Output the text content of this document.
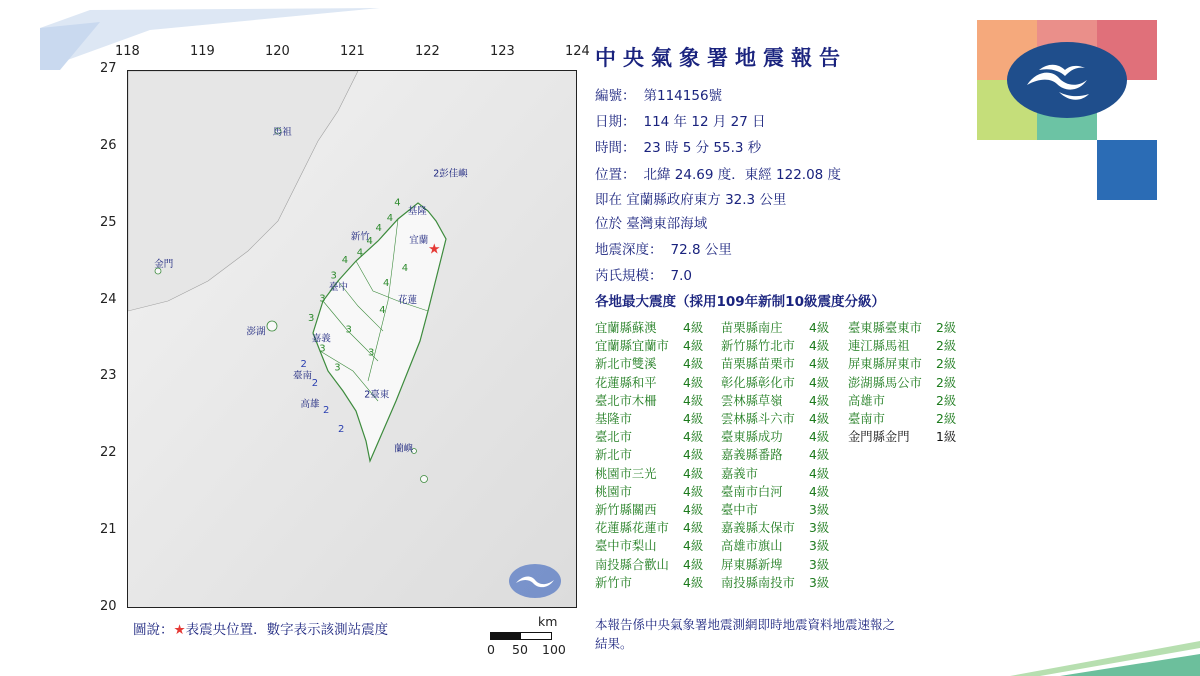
118	119	120	121	122	123	124
27
26
25
24
23
22
21
20
4
4
4
4
4
4
4
4
3
3
4
3
3
3
2	3
2
2
2
3
馬祖
2彭佳嶼
基隆
新竹	宜蘭
臺中
花蓮
澎湖
嘉義
臺南
高雄
2臺東
蘭嶼
金門
★
圖說：★表震央位置．數字表示該測站震度
km
0 50 100
中央氣象署地震報告
編號： 第114156號
日期： 114 年 12 月 27 日
時間： 23 時 5 分 55.3 秒
位置： 北緯 24.69 度．東經 122.08 度
即在 宜蘭縣政府東方 32.3 公里
位於 臺灣東部海域
地震深度： 72.8 公里
芮氏規模： 7.0
各地最大震度（採用109年新制10級震度分級）
宜蘭縣蘇澳 4級
宜蘭縣宜蘭市 4級
新北市雙溪 4級
花蓮縣和平 4級
臺北市木柵 4級
基隆市	4級
臺北市	4級
新北市	4級
桃園市三光 4級
桃園市	4級
新竹縣關西 4級
花蓮縣花蓮市 4級
臺中市梨山 4級
南投縣合歡山 4級
新竹市	4級
苗栗縣南庄 4級
新竹縣竹北市 4級
苗栗縣苗栗市 4級
彰化縣彰化市 4級
雲林縣草嶺 4級
雲林縣斗六市 4級
臺東縣成功 4級
嘉義縣番路 4級
嘉義市	4級
臺南市白河 4級
臺中市	3級
嘉義縣太保市 3級
高雄市旗山 3級
屏東縣新埤 3級
南投縣南投市 3級
臺東縣臺東市 2級
連江縣馬祖 2級
屏東縣屏東市 2級
澎湖縣馬公市 2級
高雄市	2級
臺南市	2級
金門縣金門 1級
本報告係中央氣象署地震測網即時地震資料地震速報之結果。
